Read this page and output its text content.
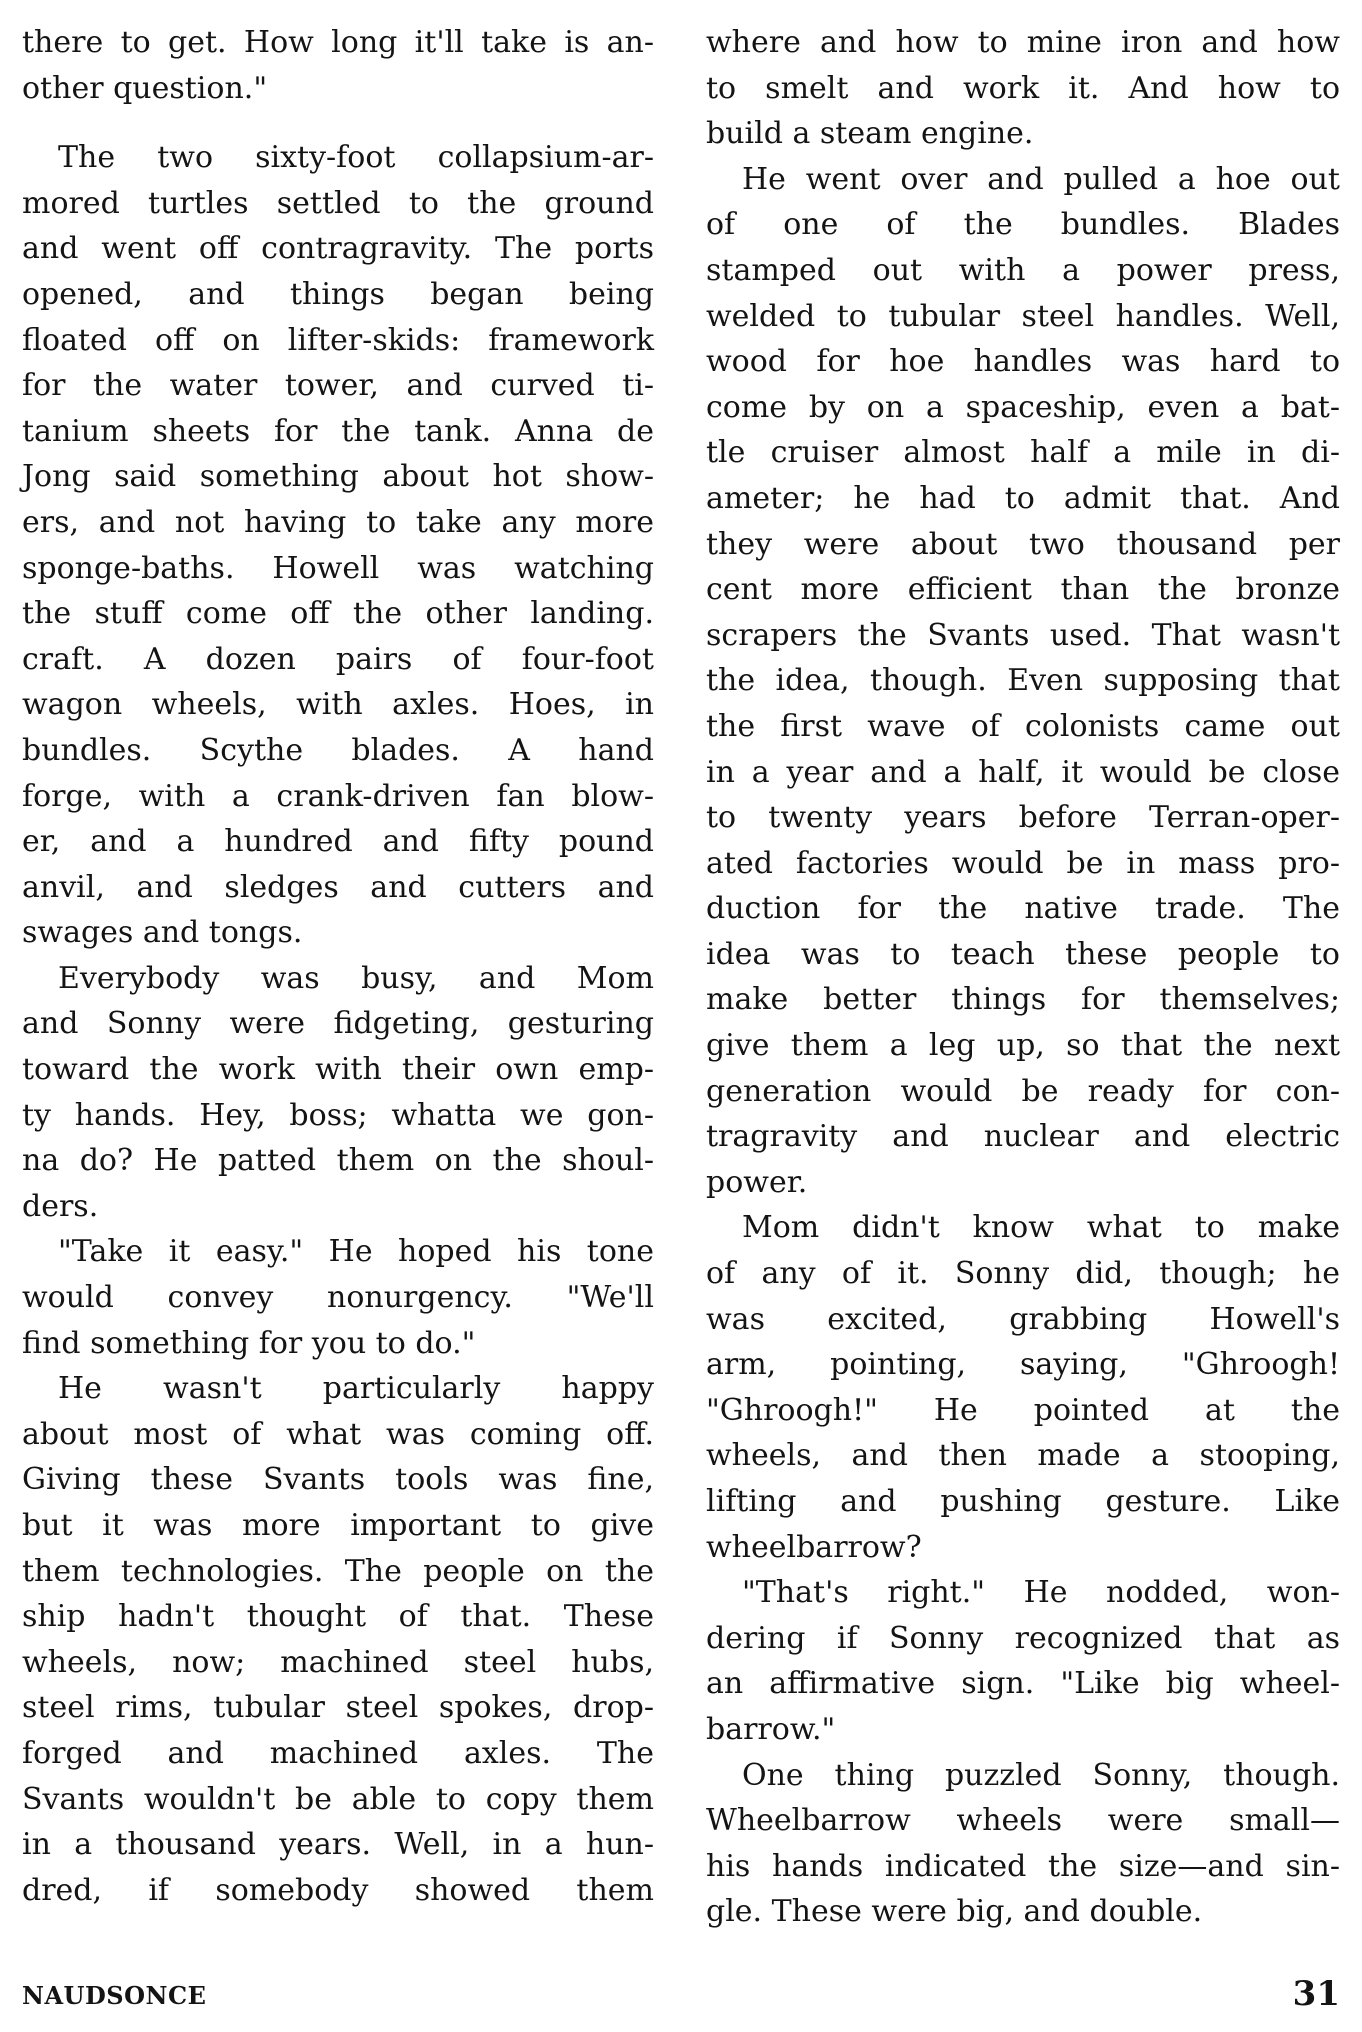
there to get. How long it'll take is an-
other question."
The two sixty-foot collapsium-ar-
mored turtles settled to the ground
and went off contragravity. The ports
opened, and things began being
floated off on lifter-skids: framework
for the water tower, and curved ti-
tanium sheets for the tank. Anna de
Jong said something about hot show-
ers, and not having to take any more
sponge-baths. Howell was watching
the stuff come off the other landing.
craft. A dozen pairs of four-foot
wagon wheels, with axles. Hoes, in
bundles. Scythe blades. A hand
forge, with a crank-driven fan blow-
er, and a hundred and fifty pound
anvil, and sledges and cutters and
swages and tongs.
Everybody was busy, and Mom
and Sonny were fidgeting, gesturing
toward the work with their own emp-
ty hands. Hey, boss; whatta we gon-
na do? He patted them on the shoul-
ders.
"Take it easy." He hoped his tone
would convey nonurgency. "We'll
find something for you to do."
He wasn't particularly happy
about most of what was coming off.
Giving these Svants tools was fine,
but it was more important to give
them technologies. The people on the
ship hadn't thought of that. These
wheels, now; machined steel hubs,
steel rims, tubular steel spokes, drop-
forged and machined axles. The
Svants wouldn't be able to copy them
in a thousand years. Well, in a hun-
dred, if somebody showed them
where and how to mine iron and how
to smelt and work it. And how to
build a steam engine.
He went over and pulled a hoe out
of one of the bundles. Blades
stamped out with a power press,
welded to tubular steel handles. Well,
wood for hoe handles was hard to
come by on a spaceship, even a bat-
tle cruiser almost half a mile in di-
ameter; he had to admit that. And
they were about two thousand per
cent more efficient than the bronze
scrapers the Svants used. That wasn't
the idea, though. Even supposing that
the first wave of colonists came out
in a year and a half, it would be close
to twenty years before Terran-oper-
ated factories would be in mass pro-
duction for the native trade. The
idea was to teach these people to
make better things for themselves;
give them a leg up, so that the next
generation would be ready for con-
tragravity and nuclear and electric
power.
Mom didn't know what to make
of any of it. Sonny did, though; he
was excited, grabbing Howell's
arm, pointing, saying, "Ghroogh!
"Ghroogh!" He pointed at the
wheels, and then made a stooping,
lifting and pushing gesture. Like
wheelbarrow?
"That's right." He nodded, won-
dering if Sonny recognized that as
an affirmative sign. "Like big wheel-
barrow."
One thing puzzled Sonny, though.
Wheelbarrow wheels were small—
his hands indicated the size—and sin-
gle. These were big, and double.
NAUDSONCE	31
